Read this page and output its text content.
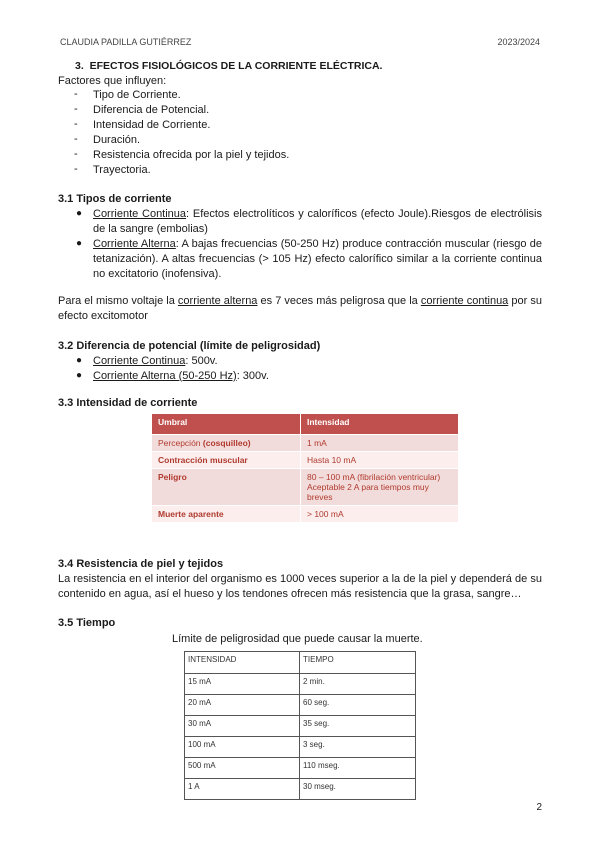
CLAUDIA PADILLA GUTIÉRREZ	2023/2024
3.  EFECTOS FISIOLÓGICOS DE LA CORRIENTE ELÉCTRICA.
Factores que influyen:
- Tipo de Corriente.
- Diferencia de Potencial.
- Intensidad de Corriente.
- Duración.
- Resistencia ofrecida por la piel y tejidos.
- Trayectoria.
3.1 Tipos de corriente
● Corriente Continua: Efectos electrolíticos y caloríficos (efecto Joule).Riesgos de electrólisis de la sangre (embolias)
● Corriente Alterna: A bajas frecuencias (50-250 Hz) produce contracción muscular (riesgo de tetanización). A altas frecuencias (> 105 Hz) efecto calorífico similar a la corriente continua no excitatorio (inofensiva).
Para el mismo voltaje la corriente alterna es 7 veces más peligrosa que la corriente continua por su efecto excitomotor
3.2 Diferencia de potencial (límite de peligrosidad)
● Corriente Continua: 500v.
● Corriente Alterna (50-250 Hz): 300v.
3.3 Intensidad de corriente
Umbral	Intensidad
Percepción (cosquilleo)	1 mA
Contracción muscular	Hasta 10 mA
Peligro	80 – 100 mA (fibrilación ventricular)
Aceptable 2 A para tiempos muy breves

Muerte aparente	> 100 mA
3.4 Resistencia de piel y tejidos
La resistencia en el interior del organismo es 1000 veces superior a la de la piel y dependerá de su contenido en agua, así el hueso y los tendones ofrecen más resistencia que la grasa, sangre…
3.5 Tiempo
Límite de peligrosidad que puede causar la muerte.
INTENSIDAD	TIEMPO
15 mA	2 min.
20 mA	60 seg.
30 mA	35 seg.
100 mA	3 seg.
500 mA	110 mseg.
1 A	30 mseg.
2
